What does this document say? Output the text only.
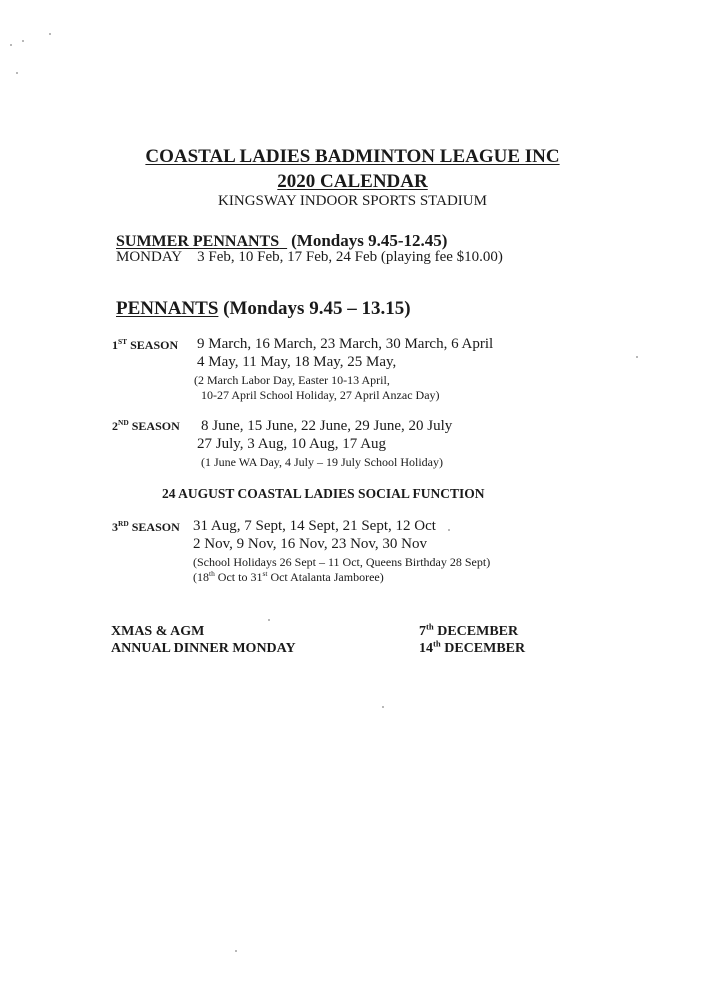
COASTAL LADIES BADMINTON LEAGUE INC
2020 CALENDAR
KINGSWAY INDOOR SPORTS STADIUM
SUMMER PENNANTS (Mondays 9.45-12.45)
MONDAY 3 Feb, 10 Feb, 17 Feb, 24 Feb (playing fee $10.00)
PENNANTS (Mondays 9.45 – 13.15)
1ST SEASON 9 March, 16 March, 23 March, 30 March, 6 April
4 May, 11 May, 18 May, 25 May,
(2 March Labor Day, Easter 10-13 April,
10-27 April School Holiday, 27 April Anzac Day)
2ND SEASON 8 June, 15 June, 22 June, 29 June, 20 July
27 July, 3 Aug, 10 Aug, 17 Aug
(1 June WA Day, 4 July – 19 July School Holiday)
24 AUGUST COASTAL LADIES SOCIAL FUNCTION
3RD SEASON 31 Aug, 7 Sept, 14 Sept, 21 Sept, 12 Oct
2 Nov, 9 Nov, 16 Nov, 23 Nov, 30 Nov
(School Holidays 26 Sept – 11 Oct, Queens Birthday 28 Sept)
(18th Oct to 31st Oct Atalanta Jamboree)
XMAS & AGM	7th DECEMBER
ANNUAL DINNER MONDAY	14th DECEMBER
